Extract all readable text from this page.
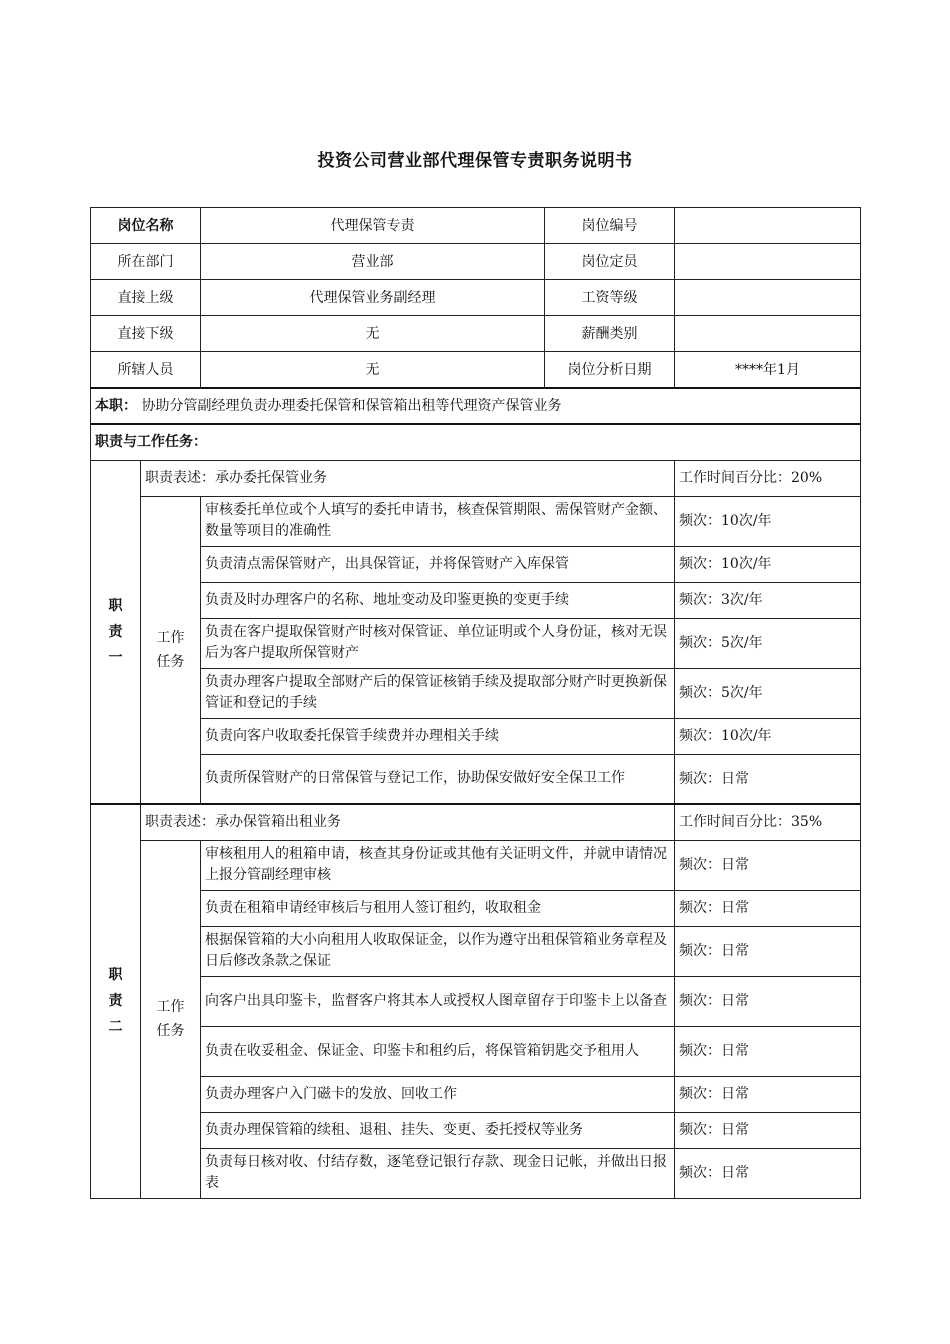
投资公司营业部代理保管专责职务说明书
岗位名称		代理保管专责	岗位编号	
所在部门		营业部	岗位定员	
直接上级		代理保管业务副经理	工资等级	
直接下级		无	薪酬类别	
所辖人员		无	岗位分析日期	****年1月
本职： 协助分管副经理负责办理委托保管和保管箱出租等代理资产保管业务				
职责与工作任务：				
职责一	职责表述：承办委托保管业务			工作时间百分比：20%
	工作任务	审核委托单位或个人填写的委托申请书，核查保管期限、需保管财产金额、数量等项目的准确性		频次：10次/年
		负责清点需保管财产，出具保管证，并将保管财产入库保管		频次：10次/年
		负责及时办理客户的名称、地址变动及印鉴更换的变更手续		频次：3次/年
		负责在客户提取保管财产时核对保管证、单位证明或个人身份证，核对无误后为客户提取所保管财产		频次：5次/年
		负责办理客户提取全部财产后的保管证核销手续及提取部分财产时更换新保管证和登记的手续		频次：5次/年
		负责向客户收取委托保管手续费并办理相关手续		频次：10次/年
		负责所保管财产的日常保管与登记工作，协助保安做好安全保卫工作		频次：日常
职责二	职责表述：承办保管箱出租业务			工作时间百分比：35%
	工作任务	审核租用人的租箱申请，核查其身份证或其他有关证明文件，并就申请情况上报分管副经理审核		频次：日常
		负责在租箱申请经审核后与租用人签订租约，收取租金		频次：日常
		根据保管箱的大小向租用人收取保证金，以作为遵守出租保管箱业务章程及日后修改条款之保证		频次：日常
		向客户出具印鉴卡，监督客户将其本人或授权人图章留存于印鉴卡上以备查		频次：日常
		负责在收妥租金、保证金、印鉴卡和租约后，将保管箱钥匙交予租用人		频次：日常
		负责办理客户入门磁卡的发放、回收工作		频次：日常
		负责办理保管箱的续租、退租、挂失、变更、委托授权等业务		频次：日常
		负责每日核对收、付结存数，逐笔登记银行存款、现金日记帐，并做出日报表		频次：日常
